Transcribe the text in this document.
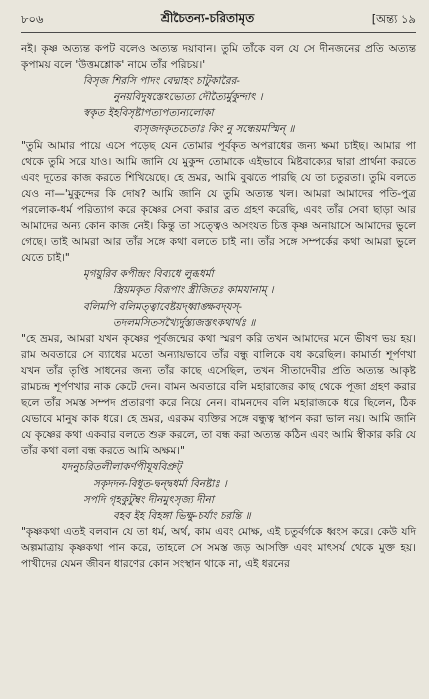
৮০৬	শ্রীচৈতন্য-চরিতামৃত	[অন্ত্য ১৯

নই। কৃষ্ণ অত্যন্ত কপট বলেও অত্যন্ত দয়াবান। তুমি তাঁকে বল যে সে দীনজনের প্রতি অত্যন্ত কৃপাময় বলে 'উত্তমশ্লোক' নামে তাঁর পরিচয়।'

বিসৃজ শিরসি পাদং বেদ্মাহং চাটুকারৈর-
নুনয়বিদুষস্তেঽভ্যেত্য দৌত্যৈর্মুকুন্দাৎ ।
স্বকৃত ইহবিসৃষ্টাপত্যপত্যন্যলোকা
ব্যসৃজদকৃতচেতাঃ কিং নু সন্ধেয়মস্মিন্ ॥

"তুমি আমার পায়ে এসে পড়েছ যেন তোমার পূর্বকৃত অপরাধের জন্য ক্ষমা চাইছ। আমার পা থেকে তুমি সরে যাও। আমি জানি যে মুকুন্দ তোমাকে এইভাবে মিষ্টবাক্যের দ্বারা প্রার্থনা করতে এবং দূতের কাজ করতে শিখিয়েছে। হে ভ্রমর, আমি বুঝতে পারছি যে তা চতুরতা। তুমি বলতে যেও না—'মুকুন্দের কি দোষ? আমি জানি যে তুমি অত্যন্ত খল। আমরা আমাদের পতি-পুত্র পরলোক-ধর্ম পরিত্যাগ করে কৃষ্ণের সেবা করার ব্রত গ্রহণ করেছি, এবং তাঁর সেবা ছাড়া আর আমাদের অন্য কোন কাজ নেই। কিন্তু তা সত্ত্বেও অসংযত চিত্ত কৃষ্ণ অনায়াসে আমাদের ভুলে গেছে। তাই আমরা আর তাঁর সঙ্গে কথা বলতে চাই না। তাঁর সঙ্গে সম্পর্কের কথা আমরা ভুলে যেতে চাই।"

মৃগয়ুরিব কপীন্দ্রং বিব্যধে লুব্ধধর্মা
স্ত্রিয়মকৃত বিরূপাং স্ত্রীজিতঃ কামযানাম্ ।
বলিমপি বলিমত্ত্বাবেষ্টয়দ্ধ্বাঙ্ক্ষবদ্‌যস্-
তদলমসিতসখ্যৈর্দুস্ত্যজস্তৎকথার্থঃ ॥

"হে ভ্রমর, আমরা যখন কৃষ্ণের পূর্বজন্মের কথা স্মরণ করি তখন আমাদের মনে ভীষণ ভয় হয়। রাম অবতারে সে ব্যাধের মতো অন্যায়ভাবে তাঁর বন্ধু বালিকে বধ করেছিল। কামার্তা শূর্পণখা যখন তাঁর তৃপ্তি সাধনের জন্য তাঁর কাছে এসেছিল, তখন সীতাদেবীর প্রতি অত্যন্ত আকৃষ্ট রামচন্দ্র শূর্পণখার নাক কেটে দেন। বামন অবতারে বলি মহারাজের কাছ থেকে পূজা গ্রহণ করার ছলে তাঁর সমস্ত সম্পদ প্রতারণা করে নিয়ে নেন। বামনদেব বলি মহারাজকে ধরে ছিলেন, ঠিক যেভাবে মানুষ কাক ধরে। হে ভ্রমর, এরকম ব্যক্তির সঙ্গে বন্ধুত্ব স্থাপন করা ভাল নয়। আমি জানি যে কৃষ্ণের কথা একবার বলতে শুরু করলে, তা বন্ধ করা অত্যন্ত কঠিন এবং আমি স্বীকার করি যে তাঁর কথা বলা বন্ধ করতে আমি অক্ষম।"

যদনুচরিতলীলাকর্ণপীযূষবিপ্রুট্
সকৃদদন-বিধূত-দ্বন্দ্বধর্মা বিনষ্টাঃ ।
সপদি গৃহকুটুম্বং দীনমুৎসৃজ্য দীনা
বহব ইহ বিহঙ্গা ভিক্ষু-চর্যাং চরন্তি ॥

"কৃষ্ণকথা এতই বলবান যে তা ধর্ম, অর্থ, কাম এবং মোক্ষ, এই চতুর্বর্গকে ধ্বংস করে। কেউ যদি অল্পমাত্রায় কৃষ্ণকথা পান করে, তাহলে সে সমস্ত জড় আসক্তি এবং মাৎসর্য থেকে মুক্ত হয়। পাখীদের যেমন জীবন ধারণের কোন সংস্থান থাকে না, এই ধরনের
